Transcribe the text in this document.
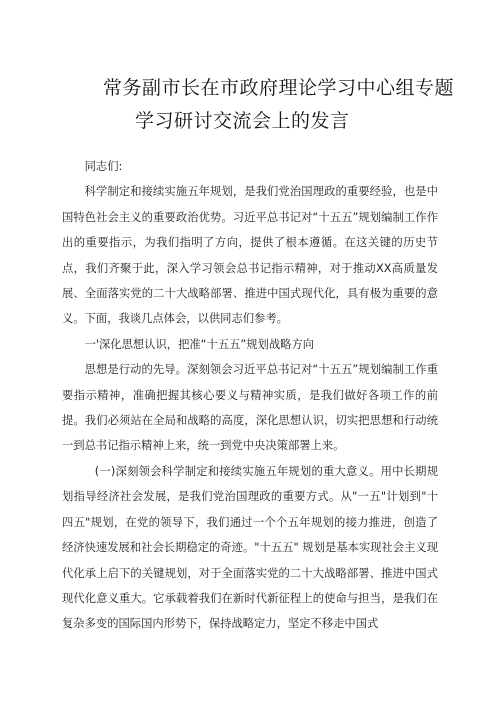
常务副市长在市政府理论学习中心组专题
学习研讨交流会上的发言

同志们:

科学制定和接续实施五年规划，是我们党治国理政的重要经验，也是中国特色社会主义的重要政治优势。习近平总书记对“十五五”规划编制工作作出的重要指示，为我们指明了方向，提供了根本遵循。在这关键的历史节点，我们齐聚于此，深入学习领会总书记指示精神，对于推动XX高质量发展、全面落实党的二十大战略部署、推进中国式现代化，具有极为重要的意义。下面，我谈几点体会，以供同志们参考。

一'深化思想认识，把准“十五五”规划战略方向

思想是行动的先导。深刻领会习近平总书记对“十五五”规划编制工作重要指示精神，准确把握其核心要义与精神实质，是我们做好各项工作的前提。我们必须站在全局和战略的高度，深化思想认识，切实把思想和行动统一到总书记指示精神上来，统一到党中央决策部署上来。

(一)深刻领会科学制定和接续实施五年规划的重大意义。用中长期规划指导经济社会发展，是我们党治国理政的重要方式。从"一五"计划到"十四五"规划，在党的领导下，我们通过一个个五年规划的接力推进，创造了经济快速发展和社会长期稳定的奇迹。"十五五" 规划是基本实现社会主义现代化承上启下的关键规划，对于全面落实党的二十大战略部署、推进中国式现代化意义重大。它承载着我们在新时代新征程上的使命与担当，是我们在复杂多变的国际国内形势下，保持战略定力，坚定不移走中国式
